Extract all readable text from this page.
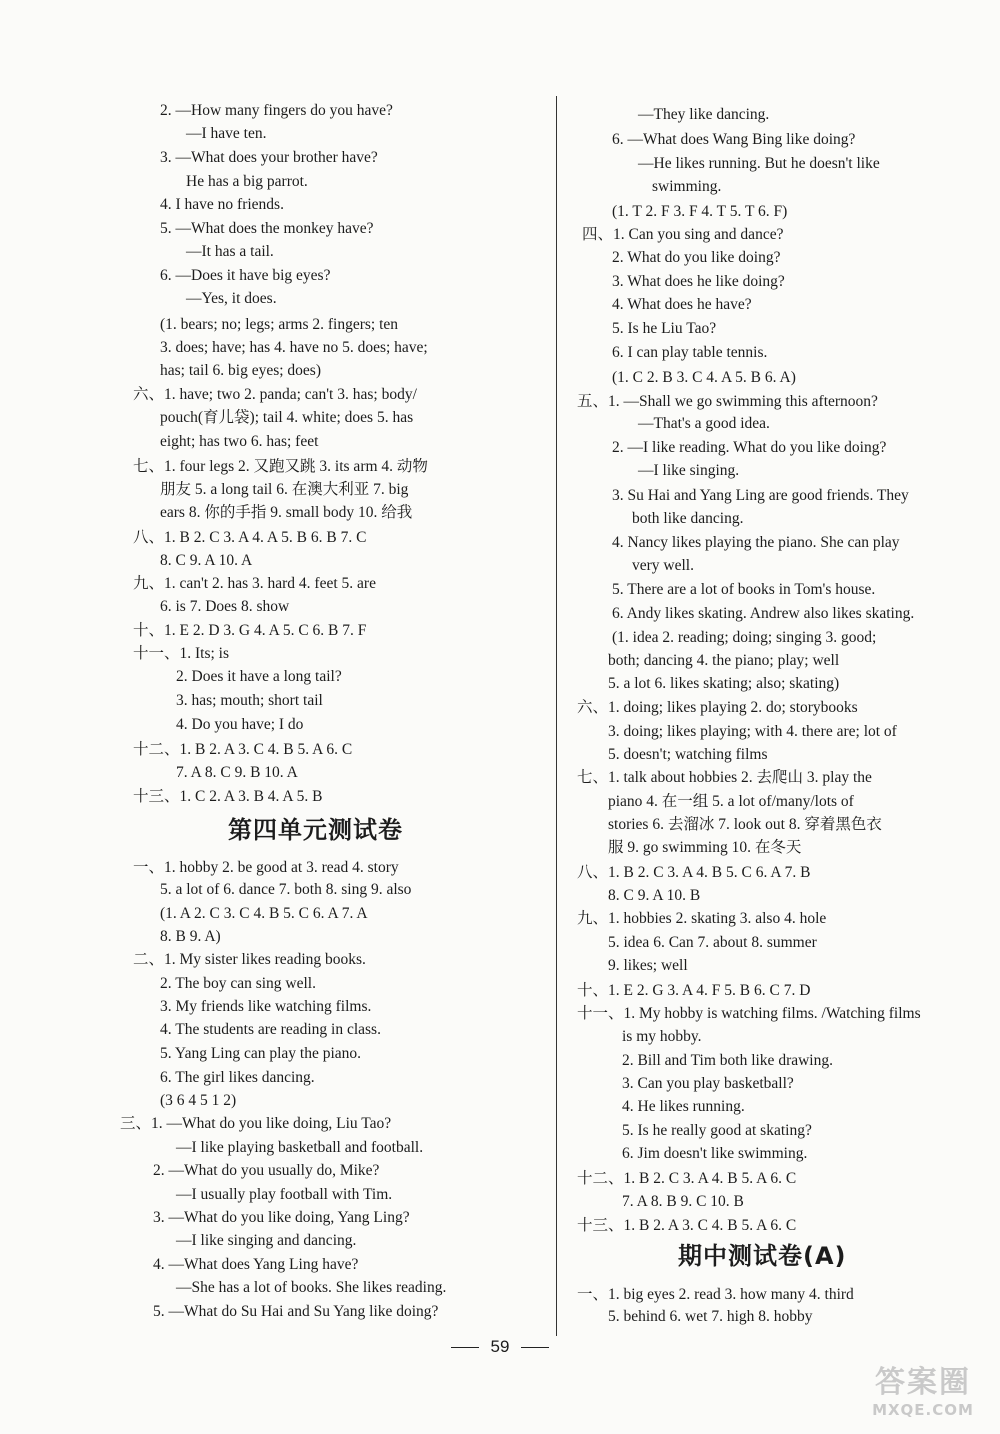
2. —How many fingers do you have?
—I have ten.
3. —What does your brother have?
He has a big parrot.
4. I have no friends.
5. —What does the monkey have?
—It has a tail.
6. —Does it have big eyes?
—Yes, it does.
(1. bears; no; legs; arms 2. fingers; ten
3. does; have; has 4. have no 5. does; have;
has; tail 6. big eyes; does)
六、1. have; two 2. panda; can't 3. has; body/
pouch(育儿袋); tail 4. white; does 5. has
eight; has two 6. has; feet
七、1. four legs 2. 又跑又跳 3. its arm 4. 动物
朋友 5. a long tail 6. 在澳大利亚 7. big
ears 8. 你的手指 9. small body 10. 给我
八、1. B 2. C 3. A 4. A 5. B 6. B 7. C
8. C 9. A 10. A
九、1. can't 2. has 3. hard 4. feet 5. are
6. is 7. Does 8. show
十、1. E 2. D 3. G 4. A 5. C 6. B 7. F
十一、1. Its; is
2. Does it have a long tail?
3. has; mouth; short tail
4. Do you have; I do
十二、1. B 2. A 3. C 4. B 5. A 6. C
7. A 8. C 9. B 10. A
十三、1. C 2. A 3. B 4. A 5. B
第四单元测试卷
一、1. hobby 2. be good at 3. read 4. story
5. a lot of 6. dance 7. both 8. sing 9. also
(1. A 2. C 3. C 4. B 5. C 6. A 7. A
8. B 9. A)
二、1. My sister likes reading books.
2. The boy can sing well.
3. My friends like watching films.
4. The students are reading in class.
5. Yang Ling can play the piano.
6. The girl likes dancing.
(3 6 4 5 1 2)
三、1. —What do you like doing, Liu Tao?
—I like playing basketball and football.
2. —What do you usually do, Mike?
—I usually play football with Tim.
3. —What do you like doing, Yang Ling?
—I like singing and dancing.
4. —What does Yang Ling have?
—She has a lot of books. She likes reading.
5. —What do Su Hai and Su Yang like doing?
—They like dancing.
6. —What does Wang Bing like doing?
—He likes running. But he doesn't like
swimming.
(1. T 2. F 3. F 4. T 5. T 6. F)
四、1. Can you sing and dance?
2. What do you like doing?
3. What does he like doing?
4. What does he have?
5. Is he Liu Tao?
6. I can play table tennis.
(1. C 2. B 3. C 4. A 5. B 6. A)
五、1. —Shall we go swimming this afternoon?
—That's a good idea.
2. —I like reading. What do you like doing?
—I like singing.
3. Su Hai and Yang Ling are good friends. They
both like dancing.
4. Nancy likes playing the piano. She can play
very well.
5. There are a lot of books in Tom's house.
6. Andy likes skating. Andrew also likes skating.
(1. idea 2. reading; doing; singing 3. good;
both; dancing 4. the piano; play; well
5. a lot 6. likes skating; also; skating)
六、1. doing; likes playing 2. do; storybooks
3. doing; likes playing; with 4. there are; lot of
5. doesn't; watching films
七、1. talk about hobbies 2. 去爬山 3. play the
piano 4. 在一组 5. a lot of/many/lots of
stories 6. 去溜冰 7. look out 8. 穿着黑色衣
服 9. go swimming 10. 在冬天
八、1. B 2. C 3. A 4. B 5. C 6. A 7. B
8. C 9. A 10. B
九、1. hobbies 2. skating 3. also 4. hole
5. idea 6. Can 7. about 8. summer
9. likes; well
十、1. E 2. G 3. A 4. F 5. B 6. C 7. D
十一、1. My hobby is watching films. /Watching films
is my hobby.
2. Bill and Tim both like drawing.
3. Can you play basketball?
4. He likes running.
5. Is he really good at skating?
6. Jim doesn't like swimming.
十二、1. B 2. C 3. A 4. B 5. A 6. C
7. A 8. B 9. C 10. B
十三、1. B 2. A 3. C 4. B 5. A 6. C
期中测试卷(A)
一、1. big eyes 2. read 3. how many 4. third
5. behind 6. wet 7. high 8. hobby
59
答案圈
MXQE.COM
